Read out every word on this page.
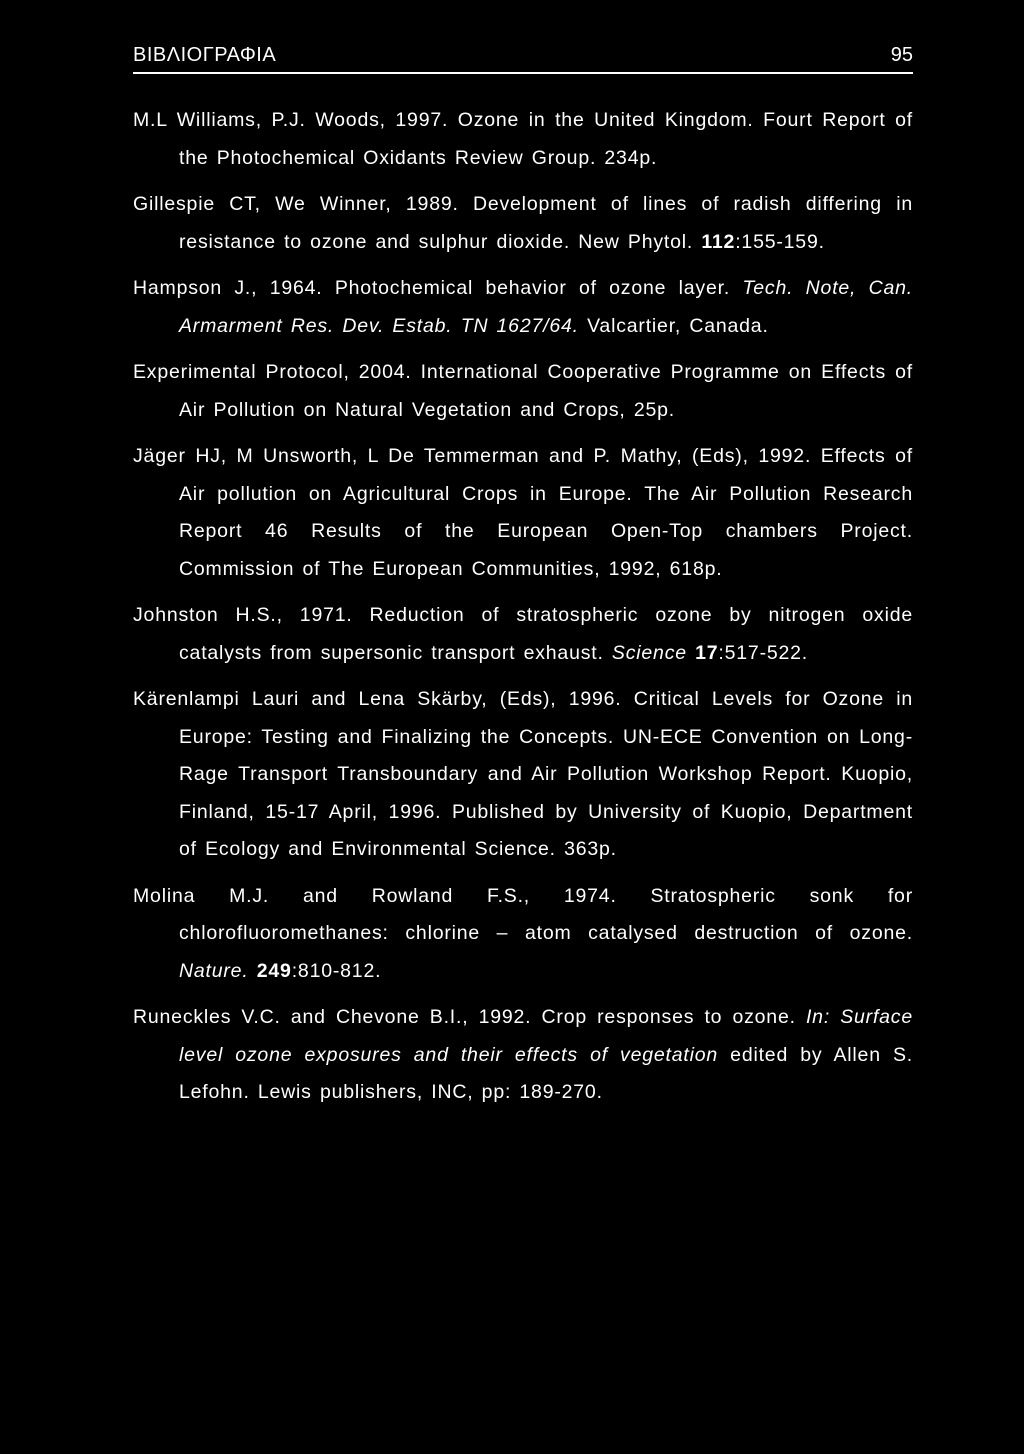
ΒΙΒΛΙΟΓΡΑΦΙΑ	95

M.L Williams, P.J. Woods, 1997. Ozone in the United Kingdom. Fourt Report of the Photochemical Oxidants Review Group. 234p.

Gillespie CT, We Winner, 1989. Development of lines of radish differing in resistance to ozone and sulphur dioxide. New Phytol. 112:155-159.

Hampson J., 1964. Photochemical behavior of ozone layer. Tech. Note, Can. Armarment Res. Dev. Estab. TN 1627/64. Valcartier, Canada.

Experimental Protocol, 2004. International Cooperative Programme on Effects of Air Pollution on Natural Vegetation and Crops, 25p.

Jäger HJ, M Unsworth, L De Temmerman and P. Mathy, (Eds), 1992. Effects of Air pollution on Agricultural Crops in Europe. The Air Pollution Research Report 46 Results of the European Open-Top chambers Project. Commission of The European Communities, 1992, 618p.

Johnston H.S., 1971. Reduction of stratospheric ozone by nitrogen oxide catalysts from supersonic transport exhaust. Science 17:517-522.

Kärenlampi Lauri and Lena Skärby, (Eds), 1996. Critical Levels for Ozone in Europe: Testing and Finalizing the Concepts. UN-ECE Convention on Long-Rage Transport Transboundary and Air Pollution Workshop Report. Kuopio, Finland, 15-17 April, 1996. Published by University of Kuopio, Department of Ecology and Environmental Science. 363p.

Molina M.J. and Rowland F.S., 1974. Stratospheric sonk for chlorofluoromethanes: chlorine – atom catalysed destruction of ozone. Nature. 249:810-812.

Runeckles V.C. and Chevone B.I., 1992. Crop responses to ozone. In: Surface level ozone exposures and their effects of vegetation edited by Allen S. Lefohn. Lewis publishers, INC, pp: 189-270.
